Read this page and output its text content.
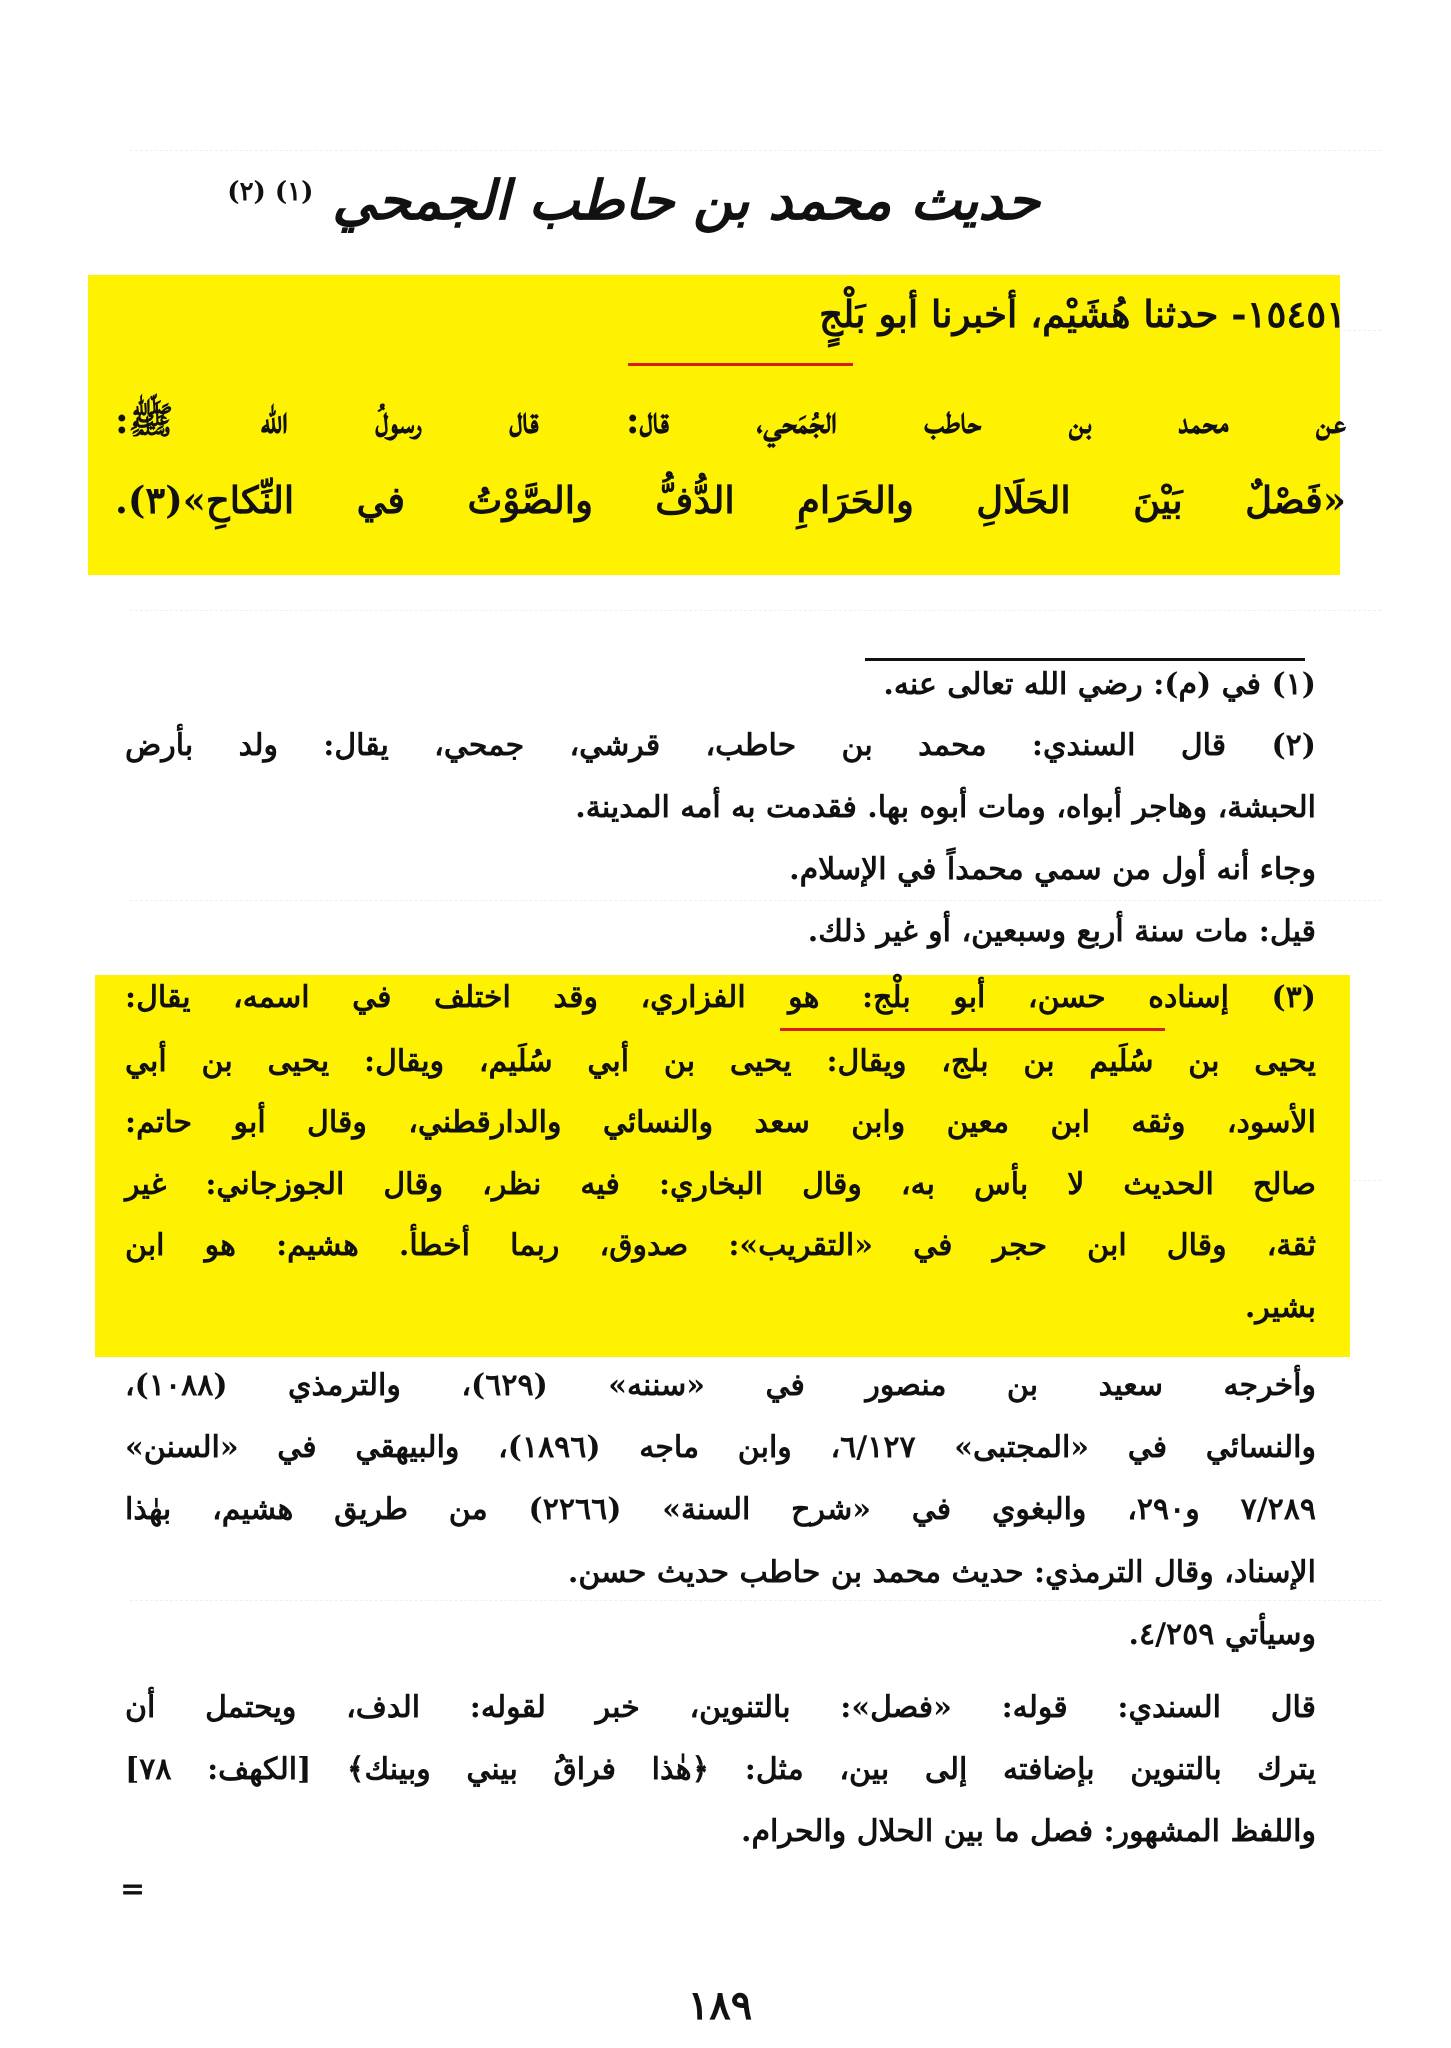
حديث محمد بن حاطب الجمحي $^{(١) (٢)}$
١٥٤٥١- حدثنا هُشَيْم، أخبرنا أبو بَلْجٍ
عن محمد بن حاطب الجُمَحي، قال: قال رسولُ الله ﷺ:
«فَصْلٌ بَيْنَ الحَلَالِ والحَرَامِ الدُّفُّ والصَّوْتُ في النِّكاحِ»(٣).
(١) في (م): رضي الله تعالى عنه.
(٢) قال السندي: محمد بن حاطب، قرشي، جمحي، يقال: ولد بأرض
الحبشة، وهاجر أبواه، ومات أبوه بها. فقدمت به أمه المدينة.
وجاء أنه أول من سمي محمداً في الإسلام.
قيل: مات سنة أربع وسبعين، أو غير ذلك.
(٣) إسناده حسن، أبو بلْج: هو الفزاري، وقد اختلف في اسمه، يقال:
يحيى بن سُلَيم بن بلج، ويقال: يحيى بن أبي سُلَيم، ويقال: يحيى بن أبي
الأسود، وثقه ابن معين وابن سعد والنسائي والدارقطني، وقال أبو حاتم:
صالح الحديث لا بأس به، وقال البخاري: فيه نظر، وقال الجوزجاني: غير
ثقة، وقال ابن حجر في «التقريب»: صدوق، ربما أخطأ. هشيم: هو ابن
بشير.
وأخرجه سعيد بن منصور في «سننه» (٦٢٩)، والترمذي (١٠٨٨)،
والنسائي في «المجتبى» ٦/١٢٧، وابن ماجه (١٨٩٦)، والبيهقي في «السنن»
٧/٢٨٩ و٢٩٠، والبغوي في «شرح السنة» (٢٢٦٦) من طريق هشيم، بهٰذا
الإسناد، وقال الترمذي: حديث محمد بن حاطب حديث حسن.
وسيأتي ٤/٢٥٩.
قال السندي: قوله: «فصل»: بالتنوين، خبر لقوله: الدف، ويحتمل أن
يترك بالتنوين بإضافته إلى بين، مثل: ﴿هٰذا فراقُ بيني وبينك﴾ [الكهف: ٧٨]
واللفظ المشهور: فصل ما بين الحلال والحرام.
=
١٨٩
